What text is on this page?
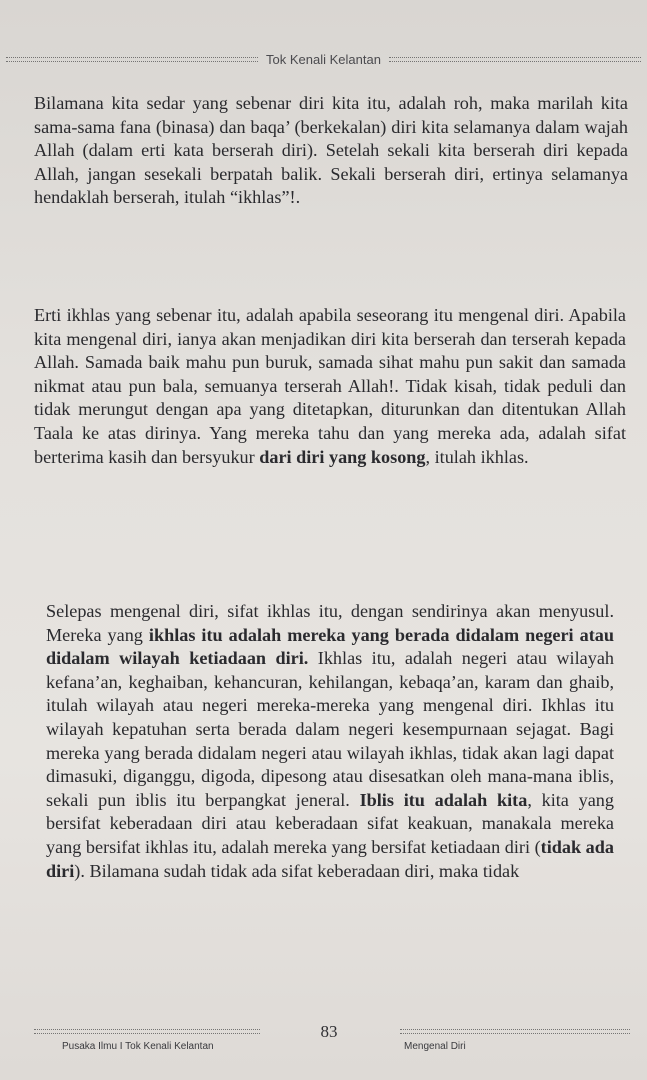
Tok Kenali Kelantan

Bilamana kita sedar yang sebenar diri kita itu, adalah roh, maka marilah kita sama-sama fana (binasa) dan baqa’ (berkekalan) diri kita selamanya dalam wajah Allah (dalam erti kata berserah diri). Setelah sekali kita berserah diri kepada Allah, jangan sesekali berpatah balik. Sekali berserah diri, ertinya selamanya hendaklah berserah, itulah “ikhlas”!.

Erti ikhlas yang sebenar itu, adalah apabila seseorang itu mengenal diri. Apabila kita mengenal diri, ianya akan menjadikan diri kita berserah dan terserah kepada Allah. Samada baik mahu pun buruk, samada sihat mahu pun sakit dan samada nikmat atau pun bala, semuanya terserah Allah!. Tidak kisah, tidak peduli dan tidak merungut dengan apa yang ditetapkan, diturunkan dan ditentukan Allah Taala ke atas dirinya. Yang mereka tahu dan yang mereka ada, adalah sifat berterima kasih dan bersyukur dari diri yang kosong, itulah ikhlas.

Selepas mengenal diri, sifat ikhlas itu, dengan sendirinya akan menyusul. Mereka yang ikhlas itu adalah mereka yang berada didalam negeri atau didalam wilayah ketiadaan diri. Ikhlas itu, adalah negeri atau wilayah kefana’an, keghaiban, kehancuran, kehilangan, kebaqa’an, karam dan ghaib, itulah wilayah atau negeri mereka-mereka yang mengenal diri. Ikhlas itu wilayah kepatuhan serta berada dalam negeri kesempurnaan sejagat. Bagi mereka yang berada didalam negeri atau wilayah ikhlas, tidak akan lagi dapat dimasuki, diganggu, digoda, dipesong atau disesatkan oleh mana-mana iblis, sekali pun iblis itu berpangkat jeneral. Iblis itu adalah kita, kita yang bersifat keberadaan diri atau keberadaan sifat keakuan, manakala mereka yang bersifat ikhlas itu, adalah mereka yang bersifat ketiadaan diri (tidak ada diri). Bilamana sudah tidak ada sifat keberadaan diri, maka tidak

83
Pusaka Ilmu I Tok Kenali Kelantan	Mengenal Diri
